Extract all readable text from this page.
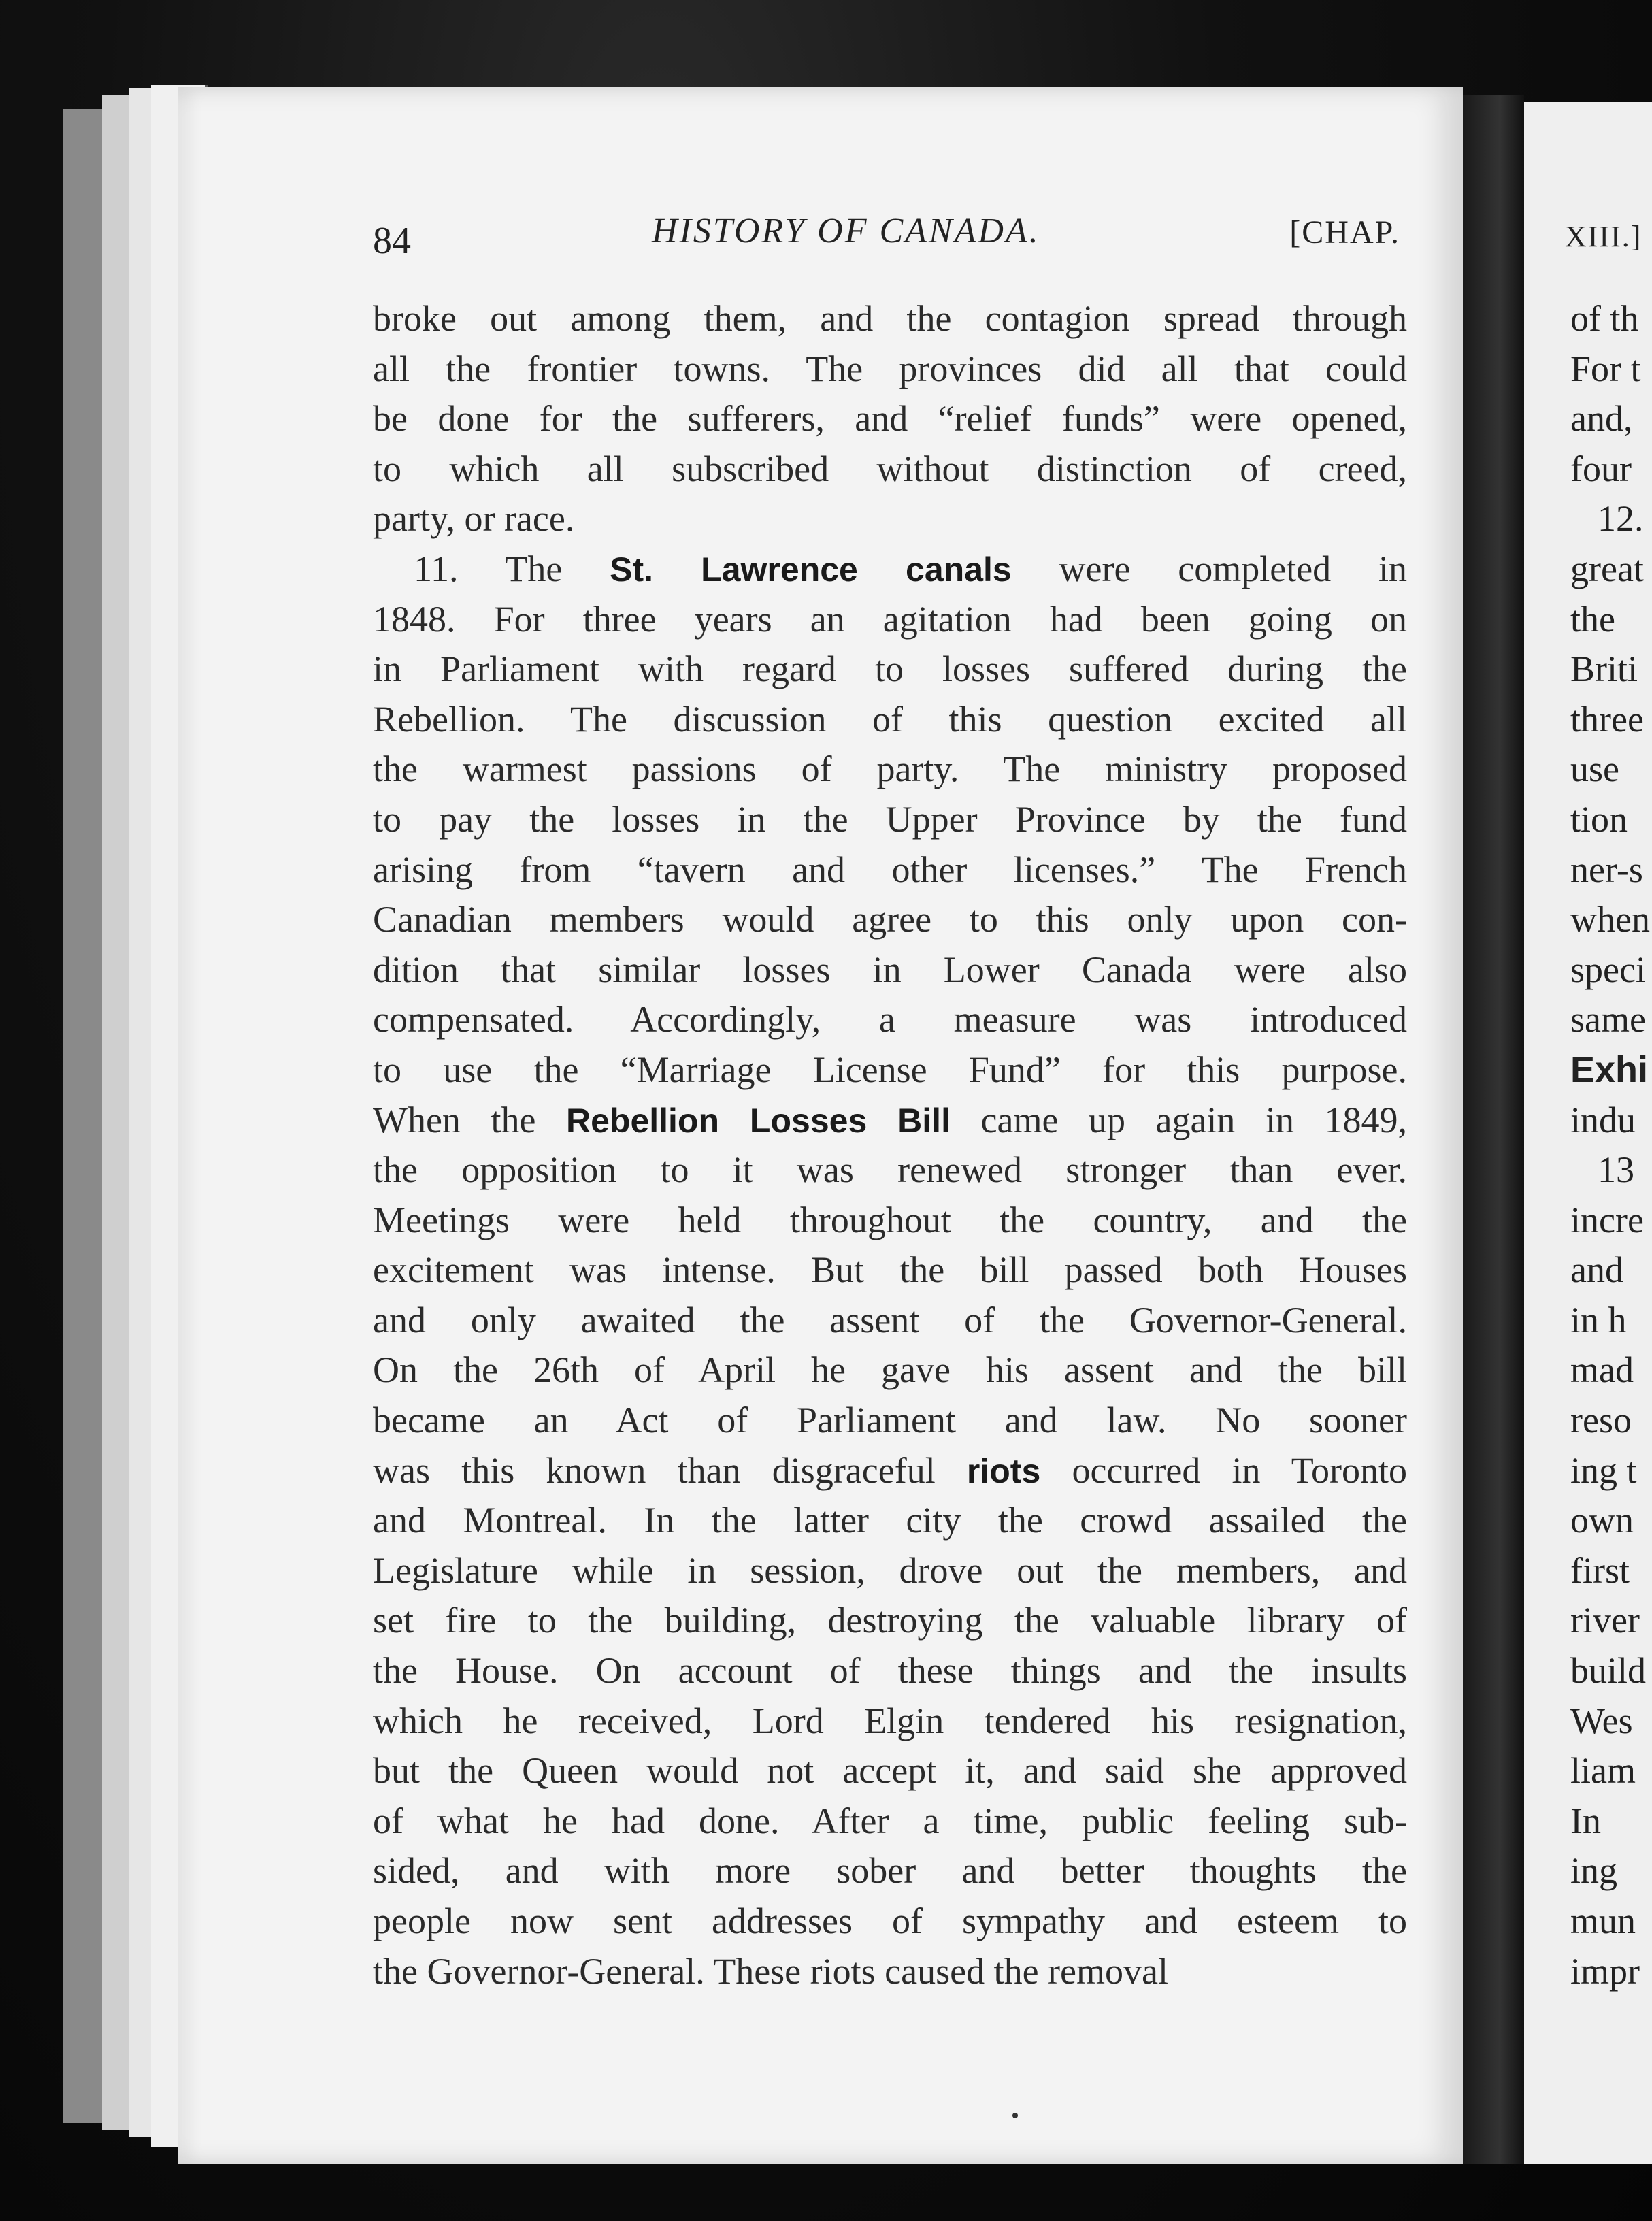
84	HISTORY OF CANADA.	[CHAP.
broke out among them, and the contagion spread through
all the frontier towns. The provinces did all that could
be done for the sufferers, and “relief funds” were opened,
to which all subscribed without distinction of creed,
party, or race.
11. The St. Lawrence canals were completed in
1848. For three years an agitation had been going on
in Parliament with regard to losses suffered during the
Rebellion. The discussion of this question excited all
the warmest passions of party. The ministry proposed
to pay the losses in the Upper Province by the fund
arising from “tavern and other licenses.” The French
Canadian members would agree to this only upon con-
dition that similar losses in Lower Canada were also
compensated. Accordingly, a measure was introduced
to use the “Marriage License Fund” for this purpose.
When the Rebellion Losses Bill came up again in 1849,
the opposition to it was renewed stronger than ever.
Meetings were held throughout the country, and the
excitement was intense. But the bill passed both Houses
and only awaited the assent of the Governor-General.
On the 26th of April he gave his assent and the bill
became an Act of Parliament and law. No sooner
was this known than disgraceful riots occurred in Toronto
and Montreal. In the latter city the crowd assailed the
Legislature while in session, drove out the members, and
set fire to the building, destroying the valuable library of
the House. On account of these things and the insults
which he received, Lord Elgin tendered his resignation,
but the Queen would not accept it, and said she approved
of what he had done. After a time, public feeling sub-
sided, and with more sober and better thoughts the
people now sent addresses of sympathy and esteem to
the Governor-General. These riots caused the removal
XIII.]
of th
For t
and,
four
12.
great
the
Briti
three
use
tion
ner-s
when
speci
same
Exhi
indu
13
incre
and
in h
mad
reso
ing t
own
first
river
build
Wes
liam
In
ing
mun
impr
